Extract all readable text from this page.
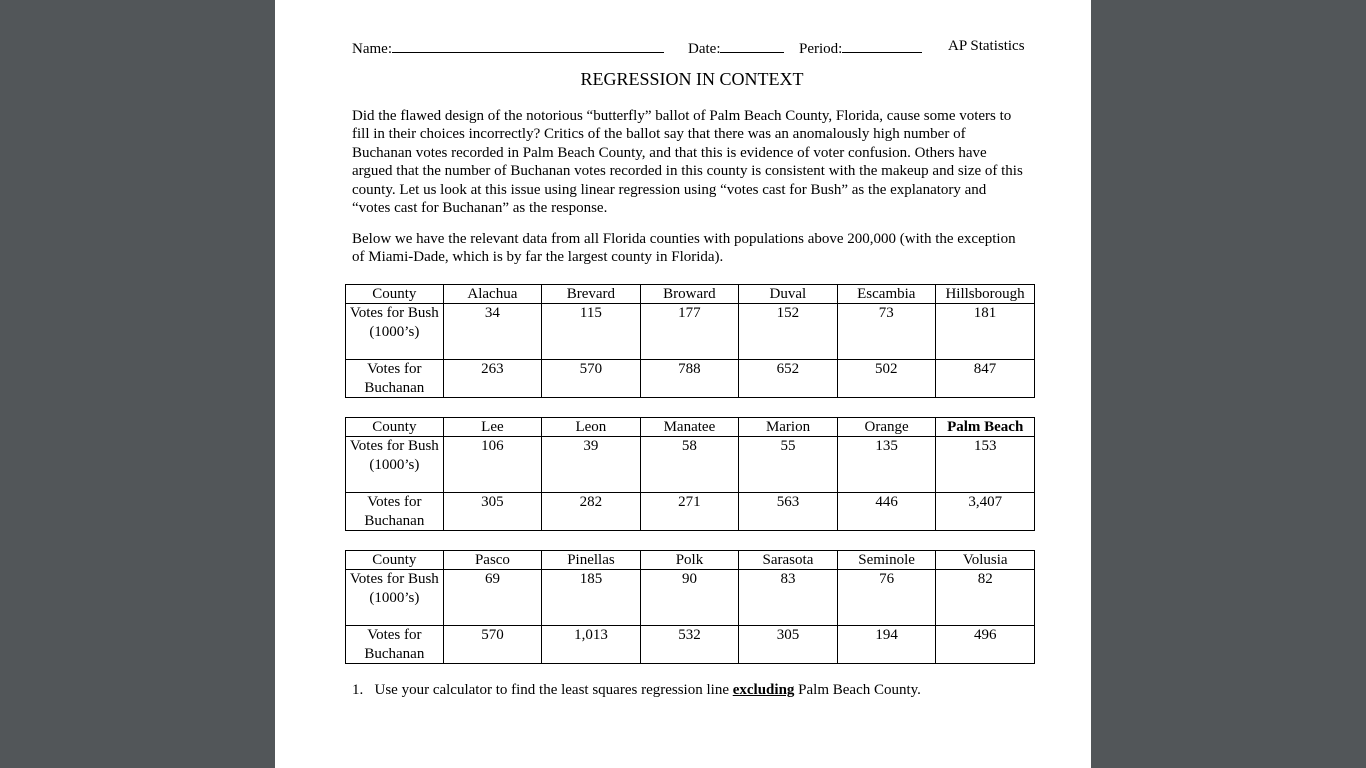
Name:	Date:	Period:	AP Statistics
REGRESSION IN CONTEXT

Did the flawed design of the notorious “butterfly” ballot of Palm Beach County, Florida, cause some voters to fill in their choices incorrectly? Critics of the ballot say that there was an anomalously high number of Buchanan votes recorded in Palm Beach County, and that this is evidence of voter confusion. Others have argued that the number of Buchanan votes recorded in this county is consistent with the makeup and size of this county. Let us look at this issue using linear regression using “votes cast for Bush” as the explanatory and “votes cast for Buchanan” as the response.

Below we have the relevant data from all Florida counties with populations above 200,000 (with the exception of Miami-Dade, which is by far the largest county in Florida).

County	Alachua	Brevard	Broward	Duval	Escambia	Hillsborough
Votes for Bush (1000’s)	34	115	177	152	73	181
Votes for Buchanan	263	570	788	652	502	847
County	Lee	Leon	Manatee	Marion	Orange	Palm Beach
Votes for Bush (1000’s)	106	39	58	55	135	153
Votes for Buchanan	305	282	271	563	446	3,407
County	Pasco	Pinellas	Polk	Sarasota	Seminole	Volusia
Votes for Bush (1000’s)	69	185	90	83	76	82
Votes for Buchanan	570	1,013	532	305	194	496
1. Use your calculator to find the least squares regression line excluding Palm Beach County.
